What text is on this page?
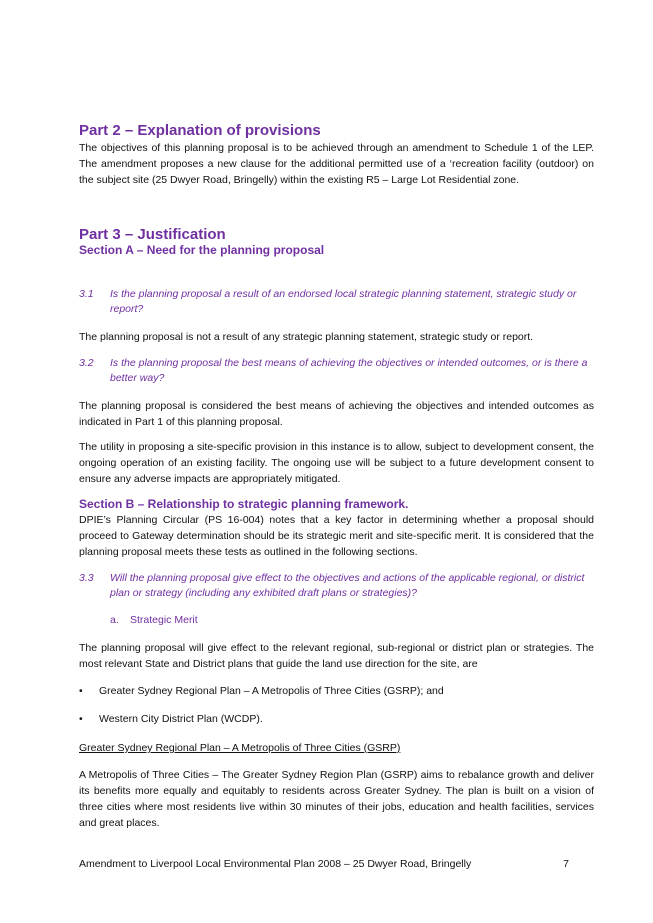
Part 2 – Explanation of provisions

The objectives of this planning proposal is to be achieved through an amendment to Schedule 1 of the LEP. The amendment proposes a new clause for the additional permitted use of a ‘recreation facility (outdoor) on the subject site (25 Dwyer Road, Bringelly) within the existing R5 – Large Lot Residential zone.

Part 3 – Justification
Section A – Need for the planning proposal
3.1	Is the planning proposal a result of an endorsed local strategic planning statement, strategic study or report?

The planning proposal is not a result of any strategic planning statement, strategic study or report.

3.2	Is the planning proposal the best means of achieving the objectives or intended outcomes, or is there a better way?

The planning proposal is considered the best means of achieving the objectives and intended outcomes as indicated in Part 1 of this planning proposal.

The utility in proposing a site-specific provision in this instance is to allow, subject to development consent, the ongoing operation of an existing facility. The ongoing use will be subject to a future development consent to ensure any adverse impacts are appropriately mitigated.

Section B – Relationship to strategic planning framework.

DPIE’s Planning Circular (PS 16-004) notes that a key factor in determining whether a proposal should proceed to Gateway determination should be its strategic merit and site-specific merit. It is considered that the planning proposal meets these tests as outlined in the following sections.

3.3	Will the planning proposal give effect to the objectives and actions of the applicable regional, or district plan or strategy (including any exhibited draft plans or strategies)?
a.	Strategic Merit

The planning proposal will give effect to the relevant regional, sub-regional or district plan or strategies. The most relevant State and District plans that guide the land use direction for the site, are

•	Greater Sydney Regional Plan – A Metropolis of Three Cities (GSRP); and
•	Western City District Plan (WCDP).

Greater Sydney Regional Plan – A Metropolis of Three Cities (GSRP)

A Metropolis of Three Cities – The Greater Sydney Region Plan (GSRP) aims to rebalance growth and deliver its benefits more equally and equitably to residents across Greater Sydney. The plan is built on a vision of three cities where most residents live within 30 minutes of their jobs, education and health facilities, services and great places.

Amendment to Liverpool Local Environmental Plan 2008 – 25 Dwyer Road, Bringelly	7
